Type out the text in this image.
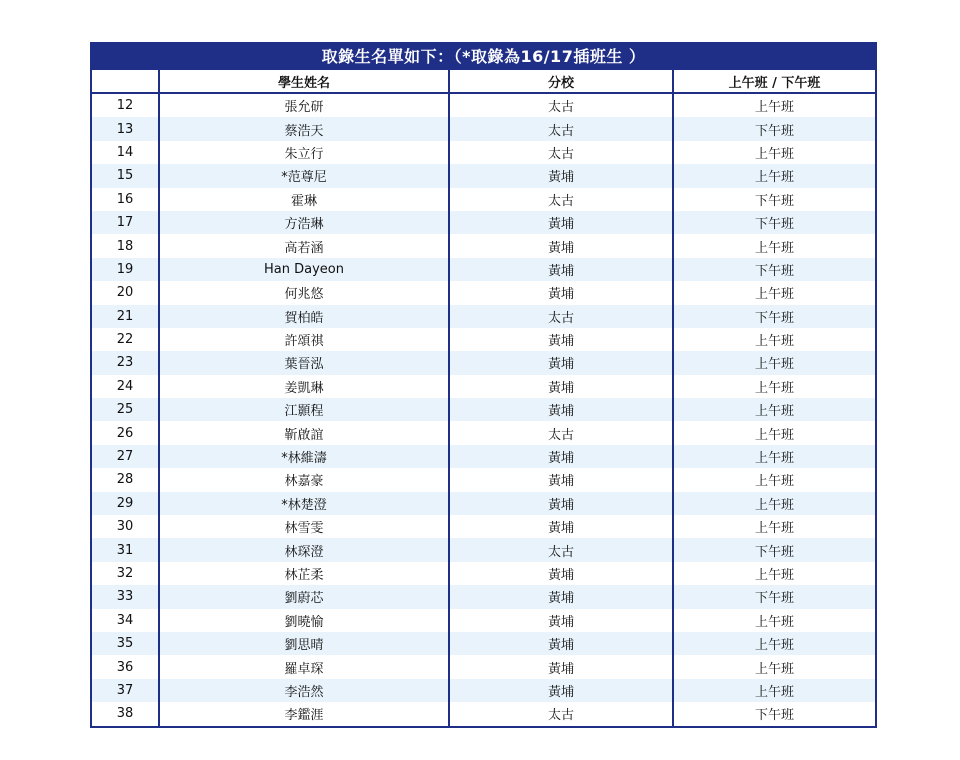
取錄生名單如下：（*取錄為16/17插班生 ）
	學生姓名	分校	上午班 / 下午班
12	張允研	太古	上午班
13	蔡浩天	太古	下午班
14	朱立行	太古	上午班
15	*范尊尼	黃埔	上午班
16	霍琳	太古	下午班
17	方浩琳	黃埔	下午班
18	高若涵	黃埔	上午班
19	Han Dayeon	黃埔	下午班
20	何兆悠	黃埔	上午班
21	賀柏皓	太古	下午班
22	許頌祺	黃埔	上午班
23	葉晉泓	黃埔	上午班
24	姜凱琳	黃埔	上午班
25	江顥程	黃埔	上午班
26	靳啟誼	太古	上午班
27	*林維濤	黃埔	上午班
28	林嘉豪	黃埔	上午班
29	*林楚澄	黃埔	上午班
30	林雪雯	黃埔	上午班
31	林琛澄	太古	下午班
32	林芷柔	黃埔	上午班
33	劉蔚芯	黃埔	下午班
34	劉曉愉	黃埔	上午班
35	劉思晴	黃埔	上午班
36	羅卓琛	黃埔	上午班
37	李浩然	黃埔	上午班
38	李鑑涯	太古	下午班
